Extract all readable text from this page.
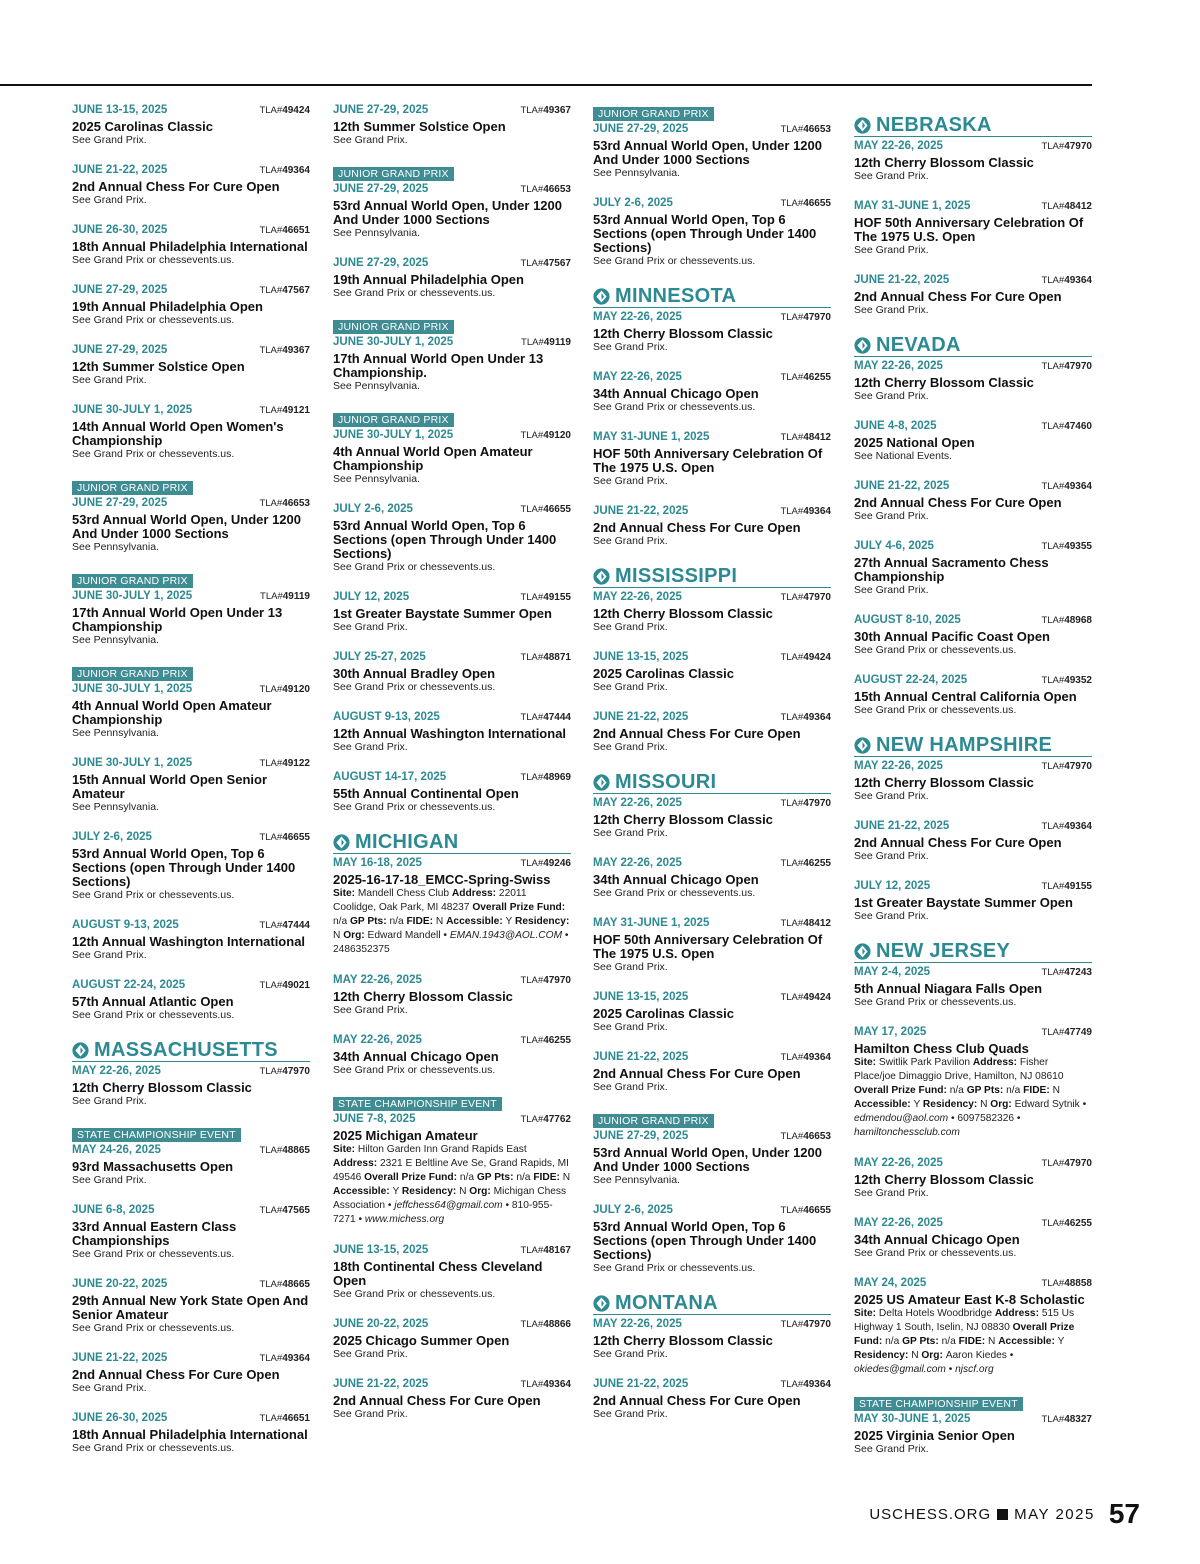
JUNE 13-15, 2025	TLA#49424
2025 Carolinas Classic
See Grand Prix.
JUNE 21-22, 2025	TLA#49364
2nd Annual Chess For Cure Open
See Grand Prix.
JUNE 26-30, 2025	TLA#46651
18th Annual Philadelphia International
See Grand Prix or chessevents.us.
JUNE 27-29, 2025	TLA#47567
19th Annual Philadelphia Open
See Grand Prix or chessevents.us.
JUNE 27-29, 2025	TLA#49367
12th Summer Solstice Open
See Grand Prix.
JUNE 30-JULY 1, 2025	TLA#49121
14th Annual World Open Women's Championship
See Grand Prix or chessevents.us.
JUNIOR GRAND PRIX
JUNE 27-29, 2025	TLA#46653
53rd Annual World Open, Under 1200 And Under 1000 Sections
See Pennsylvania.
JUNIOR GRAND PRIX
JUNE 30-JULY 1, 2025	TLA#49119
17th Annual World Open Under 13 Championship
See Pennsylvania.
JUNIOR GRAND PRIX
JUNE 30-JULY 1, 2025	TLA#49120
4th Annual World Open Amateur Championship
See Pennsylvania.
JUNE 30-JULY 1, 2025	TLA#49122
15th Annual World Open Senior Amateur
See Pennsylvania.
JULY 2-6, 2025	TLA#46655
53rd Annual World Open, Top 6 Sections (open Through Under 1400 Sections)
See Grand Prix or chessevents.us.
AUGUST 9-13, 2025	TLA#47444
12th Annual Washington International
See Grand Prix.
AUGUST 22-24, 2025	TLA#49021
57th Annual Atlantic Open
See Grand Prix or chessevents.us.
MASSACHUSETTS
MAY 22-26, 2025	TLA#47970
12th Cherry Blossom Classic
See Grand Prix.
STATE CHAMPIONSHIP EVENT
MAY 24-26, 2025	TLA#48865
93rd Massachusetts Open
See Grand Prix.
JUNE 6-8, 2025	TLA#47565
33rd Annual Eastern Class Championships
See Grand Prix or chessevents.us.
JUNE 20-22, 2025	TLA#48665
29th Annual New York State Open And Senior Amateur
See Grand Prix or chessevents.us.
JUNE 21-22, 2025	TLA#49364
2nd Annual Chess For Cure Open
See Grand Prix.
JUNE 26-30, 2025	TLA#46651
18th Annual Philadelphia International
See Grand Prix or chessevents.us.
JUNE 27-29, 2025	TLA#49367
12th Summer Solstice Open
See Grand Prix.
JUNIOR GRAND PRIX
JUNE 27-29, 2025	TLA#46653
53rd Annual World Open, Under 1200 And Under 1000 Sections
See Pennsylvania.
JUNE 27-29, 2025	TLA#47567
19th Annual Philadelphia Open
See Grand Prix or chessevents.us.
JUNIOR GRAND PRIX
JUNE 30-JULY 1, 2025	TLA#49119
17th Annual World Open Under 13 Championship.
See Pennsylvania.
JUNIOR GRAND PRIX
JUNE 30-JULY 1, 2025	TLA#49120
4th Annual World Open Amateur Championship
See Pennsylvania.
JULY 2-6, 2025	TLA#46655
53rd Annual World Open, Top 6 Sections (open Through Under 1400 Sections)
See Grand Prix or chessevents.us.
JULY 12, 2025	TLA#49155
1st Greater Baystate Summer Open
See Grand Prix.
JULY 25-27, 2025	TLA#48871
30th Annual Bradley Open
See Grand Prix or chessevents.us.
AUGUST 9-13, 2025	TLA#47444
12th Annual Washington International
See Grand Prix.
AUGUST 14-17, 2025	TLA#48969
55th Annual Continental Open
See Grand Prix or chessevents.us.
MICHIGAN
MAY 16-18, 2025	TLA#49246
2025-16-17-18_EMCC-Spring-Swiss
Site: Mandell Chess Club Address: 22011 Coolidge, Oak Park, MI 48237 Overall Prize Fund: n/a GP Pts: n/a FIDE: N Accessible: Y Residency: N Org: Edward Mandell • EMAN.1943@AOL.COM • 2486352375
MAY 22-26, 2025	TLA#47970
12th Cherry Blossom Classic
See Grand Prix.
MAY 22-26, 2025	TLA#46255
34th Annual Chicago Open
See Grand Prix or chessevents.us.
STATE CHAMPIONSHIP EVENT
JUNE 7-8, 2025	TLA#47762
2025 Michigan Amateur
Site: Hilton Garden Inn Grand Rapids East Address: 2321 E Beltline Ave Se, Grand Rapids, MI 49546 Overall Prize Fund: n/a GP Pts: n/a FIDE: N Accessible: Y Residency: N Org: Michigan Chess Association • jeffchess64@gmail.com • 810-955-7271 • www.michess.org
JUNE 13-15, 2025	TLA#48167
18th Continental Chess Cleveland Open
See Grand Prix or chessevents.us.
JUNE 20-22, 2025	TLA#48866
2025 Chicago Summer Open
See Grand Prix.
JUNE 21-22, 2025	TLA#49364
2nd Annual Chess For Cure Open
See Grand Prix.
JUNIOR GRAND PRIX
JUNE 27-29, 2025	TLA#46653
53rd Annual World Open, Under 1200 And Under 1000 Sections
See Pennsylvania.
JULY 2-6, 2025	TLA#46655
53rd Annual World Open, Top 6 Sections (open Through Under 1400 Sections)
See Grand Prix or chessevents.us.
MINNESOTA
MAY 22-26, 2025	TLA#47970
12th Cherry Blossom Classic
See Grand Prix.
MAY 22-26, 2025	TLA#46255
34th Annual Chicago Open
See Grand Prix or chessevents.us.
MAY 31-JUNE 1, 2025	TLA#48412
HOF 50th Anniversary Celebration Of The 1975 U.S. Open
See Grand Prix.
JUNE 21-22, 2025	TLA#49364
2nd Annual Chess For Cure Open
See Grand Prix.
MISSISSIPPI
MAY 22-26, 2025	TLA#47970
12th Cherry Blossom Classic
See Grand Prix.
JUNE 13-15, 2025	TLA#49424
2025 Carolinas Classic
See Grand Prix.
JUNE 21-22, 2025	TLA#49364
2nd Annual Chess For Cure Open
See Grand Prix.
MISSOURI
MAY 22-26, 2025	TLA#47970
12th Cherry Blossom Classic
See Grand Prix.
MAY 22-26, 2025	TLA#46255
34th Annual Chicago Open
See Grand Prix or chessevents.us.
MAY 31-JUNE 1, 2025	TLA#48412
HOF 50th Anniversary Celebration Of The 1975 U.S. Open
See Grand Prix.
JUNE 13-15, 2025	TLA#49424
2025 Carolinas Classic
See Grand Prix.
JUNE 21-22, 2025	TLA#49364
2nd Annual Chess For Cure Open
See Grand Prix.
JUNIOR GRAND PRIX
JUNE 27-29, 2025	TLA#46653
53rd Annual World Open, Under 1200 And Under 1000 Sections
See Pennsylvania.
JULY 2-6, 2025	TLA#46655
53rd Annual World Open, Top 6 Sections (open Through Under 1400 Sections)
See Grand Prix or chessevents.us.
MONTANA
MAY 22-26, 2025	TLA#47970
12th Cherry Blossom Classic
See Grand Prix.
JUNE 21-22, 2025	TLA#49364
2nd Annual Chess For Cure Open
See Grand Prix.
NEBRASKA
MAY 22-26, 2025	TLA#47970
12th Cherry Blossom Classic
See Grand Prix.
MAY 31-JUNE 1, 2025	TLA#48412
HOF 50th Anniversary Celebration Of The 1975 U.S. Open
See Grand Prix.
JUNE 21-22, 2025	TLA#49364
2nd Annual Chess For Cure Open
See Grand Prix.
NEVADA
MAY 22-26, 2025	TLA#47970
12th Cherry Blossom Classic
See Grand Prix.
JUNE 4-8, 2025	TLA#47460
2025 National Open
See National Events.
JUNE 21-22, 2025	TLA#49364
2nd Annual Chess For Cure Open
See Grand Prix.
JULY 4-6, 2025	TLA#49355
27th Annual Sacramento Chess Championship
See Grand Prix.
AUGUST 8-10, 2025	TLA#48968
30th Annual Pacific Coast Open
See Grand Prix or chessevents.us.
AUGUST 22-24, 2025	TLA#49352
15th Annual Central California Open
See Grand Prix or chessevents.us.
NEW HAMPSHIRE
MAY 22-26, 2025	TLA#47970
12th Cherry Blossom Classic
See Grand Prix.
JUNE 21-22, 2025	TLA#49364
2nd Annual Chess For Cure Open
See Grand Prix.
JULY 12, 2025	TLA#49155
1st Greater Baystate Summer Open
See Grand Prix.
NEW JERSEY
MAY 2-4, 2025	TLA#47243
5th Annual Niagara Falls Open
See Grand Prix or chessevents.us.
MAY 17, 2025	TLA#47749
Hamilton Chess Club Quads
Site: Switlik Park Pavilion Address: Fisher Place/joe Dimaggio Drive, Hamilton, NJ 08610 Overall Prize Fund: n/a GP Pts: n/a FIDE: N Accessible: Y Residency: N Org: Edward Sytnik • edmendou@aol.com • 6097582326 • hamiltonchessclub.com
MAY 22-26, 2025	TLA#47970
12th Cherry Blossom Classic
See Grand Prix.
MAY 22-26, 2025	TLA#46255
34th Annual Chicago Open
See Grand Prix or chessevents.us.
MAY 24, 2025	TLA#48858
2025 US Amateur East K-8 Scholastic
Site: Delta Hotels Woodbridge Address: 515 Us Highway 1 South, Iselin, NJ 08830 Overall Prize Fund: n/a GP Pts: n/a FIDE: N Accessible: Y Residency: N Org: Aaron Kiedes • okiedes@gmail.com • njscf.org
STATE CHAMPIONSHIP EVENT
MAY 30-JUNE 1, 2025	TLA#48327
2025 Virginia Senior Open
See Grand Prix.
USCHESS.ORG MAY 2025 57
